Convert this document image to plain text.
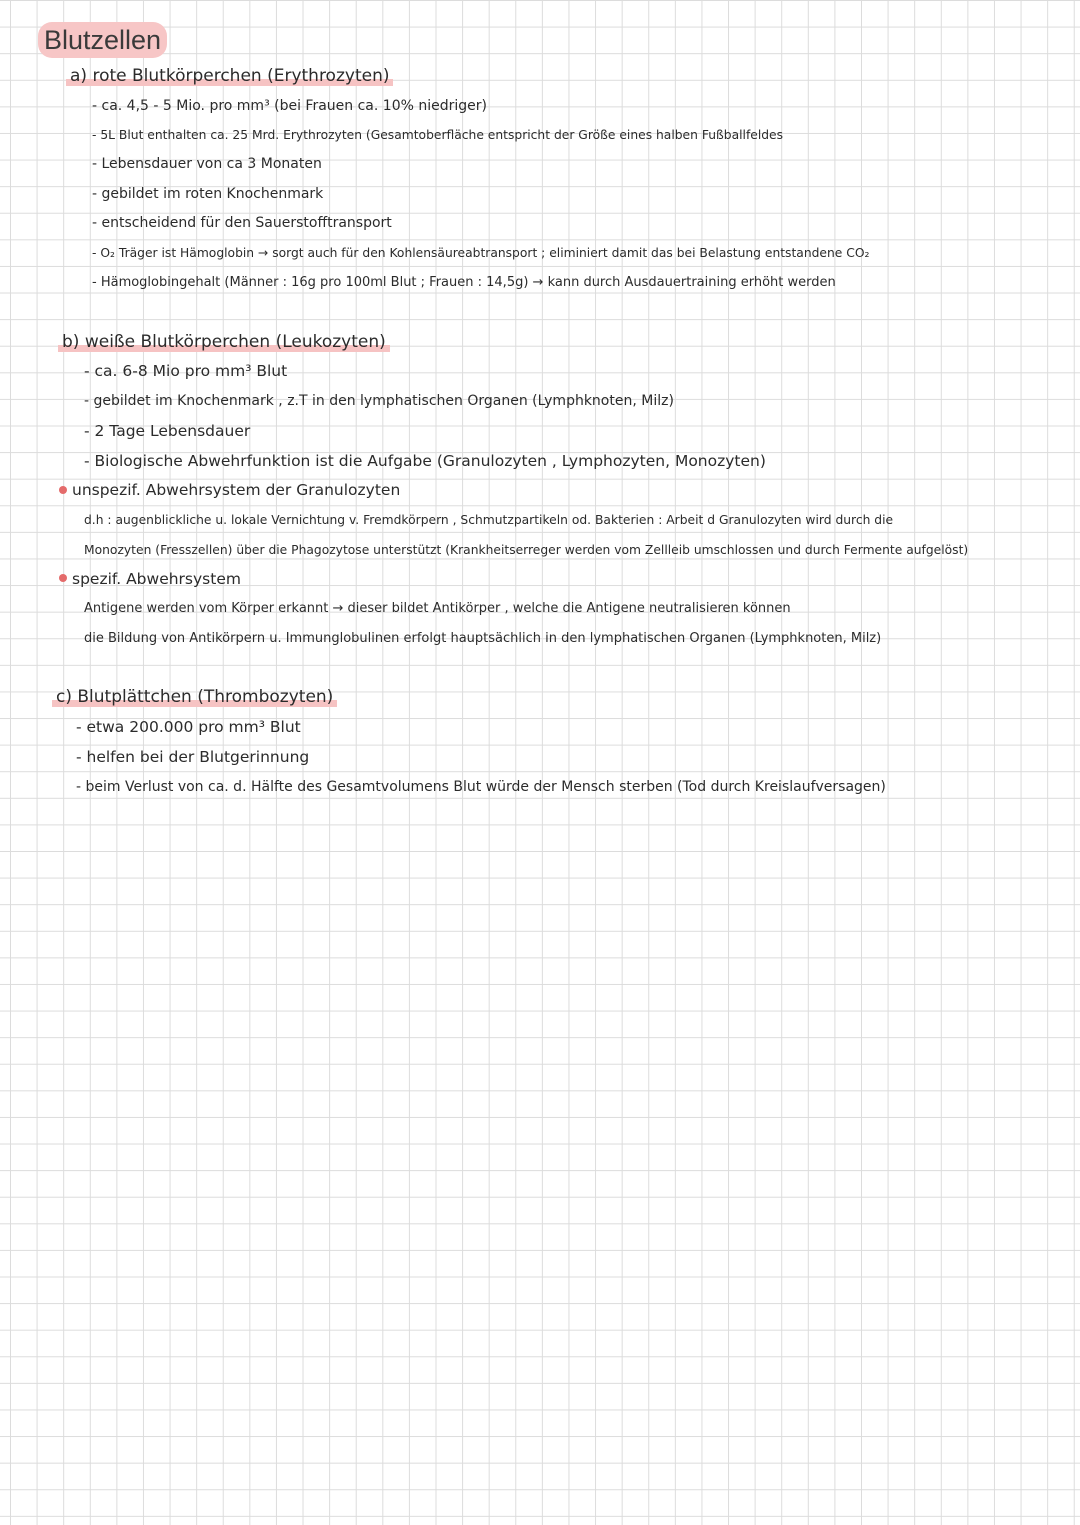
Blutzellen
a) rote Blutkörperchen (Erythrozyten)
- ca. 4,5 - 5 Mio. pro mm³ (bei Frauen ca. 10% niedriger)
- 5L Blut enthalten ca. 25 Mrd. Erythrozyten (Gesamtoberfläche entspricht der Größe eines halben Fußballfeldes
- Lebensdauer von ca 3 Monaten
- gebildet im roten Knochenmark
- entscheidend für den Sauerstofftransport
- O₂ Träger ist Hämoglobin → sorgt auch für den Kohlensäureabtransport ; eliminiert damit das bei Belastung entstandene CO₂
- Hämoglobingehalt (Männer : 16g pro 100ml Blut ; Frauen : 14,5g) → kann durch Ausdauertraining erhöht werden
b) weiße Blutkörperchen (Leukozyten)
- ca. 6-8 Mio pro mm³ Blut
- gebildet im Knochenmark , z.T in den lymphatischen Organen (Lymphknoten, Milz)
- 2 Tage Lebensdauer
- Biologische Abwehrfunktion ist die Aufgabe (Granulozyten , Lymphozyten, Monozyten)
unspezif. Abwehrsystem der Granulozyten
d.h : augenblickliche u. lokale Vernichtung v. Fremdkörpern , Schmutzpartikeln od. Bakterien : Arbeit d Granulozyten wird durch die
Monozyten (Fresszellen) über die Phagozytose unterstützt (Krankheitserreger werden vom Zellleib umschlossen und durch Fermente aufgelöst)
spezif. Abwehrsystem
Antigene werden vom Körper erkannt → dieser bildet Antikörper , welche die Antigene neutralisieren können
die Bildung von Antikörpern u. Immunglobulinen erfolgt hauptsächlich in den lymphatischen Organen (Lymphknoten, Milz)
c) Blutplättchen (Thrombozyten)
- etwa 200.000 pro mm³ Blut
- helfen bei der Blutgerinnung
- beim Verlust von ca. d. Hälfte des Gesamtvolumens Blut würde der Mensch sterben (Tod durch Kreislaufversagen)
